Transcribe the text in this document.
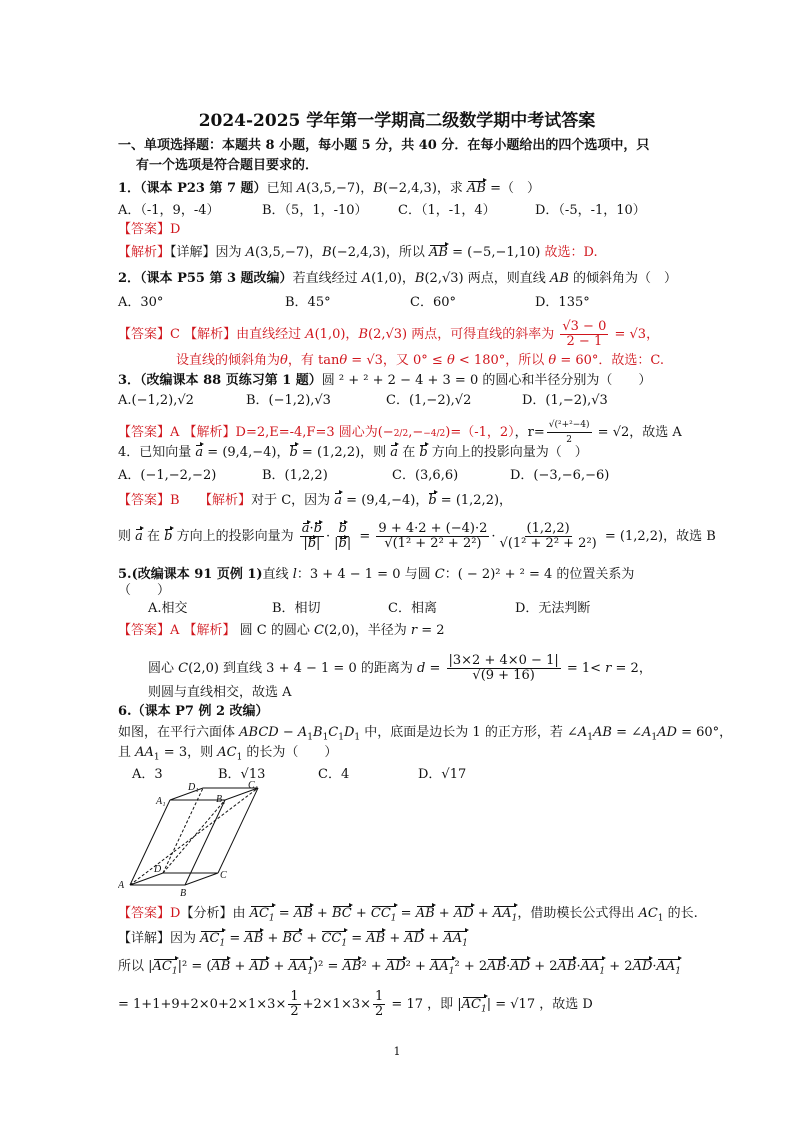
2024-2025 学年第一学期高二级数学期中考试答案
一、单项选择题：本题共 8 小题，每小题 5 分，共 40 分．在每小题给出的四个选项中，只
有一个选项是符合题目要求的．
1．（课本 P23 第 7 题）已知 A(3,5,−7)，B(−2,4,3)，求 AB =（　）
A．（-1，9，-4）	B．（5，1，-10） C．（1，-1，4）	D．（-5，-1，10）
【答案】D
【解析】【详解】因为 A(3,5,−7)，B(−2,4,3)，所以 AB = (−5,−1,10) 故选：D.
2．（课本 P55 第 3 题改编）若直线经过 A(1,0)，B(2,√3) 两点，则直线 AB 的倾斜角为（　）
A．30°	B．45°	C．60°	D．135°
【答案】C 【解析】由直线经过 A(1,0)，B(2,√3) 两点，可得直线的斜率为 $\frac{√3 - 0}{2 - 1} = √3$，
设直线的倾斜角为θ，有 tanθ = √3，又 0° ≤ θ < 180°，所以 θ = 60°．故选：C.
3．（改编课本 88 页练习第 1 题）圆 ² + ² + 2 − 4 + 3 = 0 的圆心和半径分别为（　　）
A.(−1,2),√2	B．(−1,2),√3	C．(1,−2),√2	D．(1,−2),√3
【答案】A 【解析】D=2,E=-4,F=3 圆心为(−2/2,−−4/2)=（-1，2），$r= \frac{\text{√(²+²−4)}}{2} = √2$，故选 A
4．已知向量 a = (9,4,−4)，b = (1,2,2)，则 a 在 b 方向上的投影向量为（　）
A．(−1,−2,−2)	B．(1,2,2)	C．(3,6,6)	D．(−3,−6,−6)
【答案】B　　【解析】对于 C，因为 a = (9,4,−4)，b = (1,2,2)，
则 a 在 b 方向上的投影向量为 $\frac{a\cdot b}{|b|} \cdot \frac{b}{|b|} = \frac{9 + 4\cdot 2 + (-4)\cdot 2}{\text{√(1² + 2² + 2²)}} \cdot \frac{(1,2,2)}{\text{√(1² + 2² + 2²)}} = (1,2,2)$，故选 B
5.(改编课本 91 页例 1)直线 l：3 + 4 − 1 = 0 与圆 C：( − 2)² + ² = 4 的位置关系为
（　　）
A.相交	B．相切	C．相离	D．无法判断
【答案】A 【解析】 圆 C 的圆心 C(2,0)，半径为 r = 2
圆心 C(2,0) 到直线 3 + 4 − 1 = 0 的距离为 $d = \frac{|3\times 2 + 4\times 0 - 1|}{√(9 + 16)} = 1< r = 2$，
则圆与直线相交，故选 A
6.（课本 P7 例 2 改编）
如图，在平行六面体 ABCD − $A_1B_1C_1D_1$ 中，底面是边长为 1 的正方形，若 $\angle A_1AB$ = $\angle A_1AD = 60^\circ$，
且 $AA_1 = 3$，则 $AC_1$ 的长为（　　）
A．3	B．√13	C．4	D．√17
A₁
D₁
B₁
C₁
D
C
A
B
【答案】D【分析】由 $AC_1$ = AB + BC + $CC_1$ = AB + AD + $AA_1$，借助模长公式得出 $AC_1$ 的长.
【详解】因为 $AC_1$ = AB + BC + $CC_1$ = AB + AD + $AA_1$
所以 $|AC_1|^2 = (AB$ + AD + $AA_1)^2 = AB^2 + AD^2 + AA_1^2 + 2AB\cdot AD + 2AB\cdot AA_1 + 2AD\cdot AA_1$
= $1+1+9+2\times 0+2\times 1\times 3\times \frac{1}{2} +2\times 1\times 3\times \frac{1}{2} = 17$ ，即 $|AC_1| = √17$ ，故选 D
1
